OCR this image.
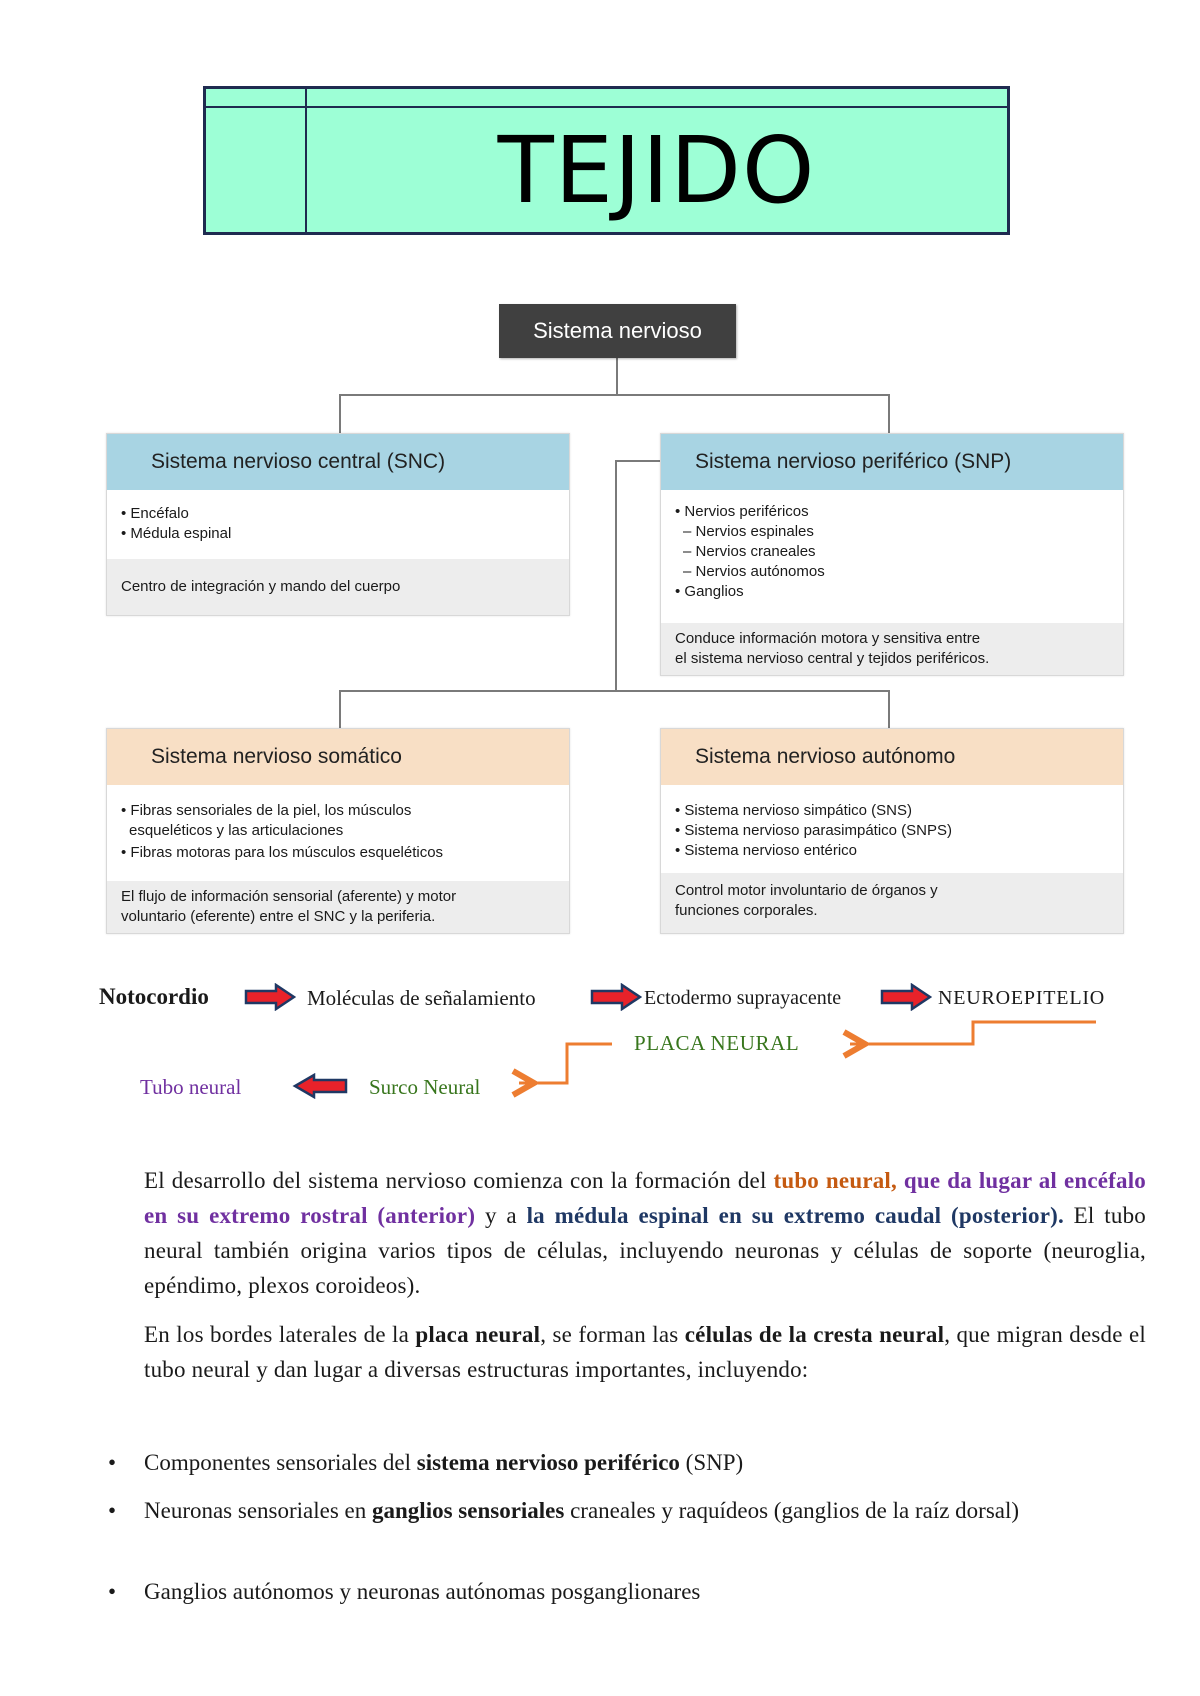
TEJIDO
Sistema nervioso
Sistema nervioso central (SNC)
• Encéfalo
• Médula espinal
Centro de integración y mando del cuerpo
Sistema nervioso periférico (SNP)
• Nervios periféricos
– Nervios espinales
– Nervios craneales
– Nervios autónomos
• Ganglios
Conduce información motora y sensitiva entre
el sistema nervioso central y tejidos periféricos.
Sistema nervioso somático
• Fibras sensoriales de la piel, los músculos
esqueléticos y las articulaciones
• Fibras motoras para los músculos esqueléticos
El flujo de información sensorial (aferente) y motor
voluntario (eferente) entre el SNC y la periferia.
Sistema nervioso autónomo
• Sistema nervioso simpático (SNS)
• Sistema nervioso parasimpático (SNPS)
• Sistema nervioso entérico
Control motor involuntario de órganos y
funciones corporales.
Notocordio	Moléculas de señalamiento	Ectodermo suprayacente	NEUROEPITELIO
PLACA NEURAL
Surco Neural
Tubo neural
El desarrollo del sistema nervioso comienza con la formación del tubo neural, que da lugar al encéfalo en su extremo rostral (anterior) y a la médula espinal en su extremo caudal (posterior). El tubo neural también origina varios tipos de células, incluyendo neuronas y células de soporte (neuroglia, epéndimo, plexos coroideos).
En los bordes laterales de la placa neural, se forman las células de la cresta neural, que migran desde el tubo neural y dan lugar a diversas estructuras importantes, incluyendo:
• Componentes sensoriales del sistema nervioso periférico (SNP)
• Neuronas sensoriales en ganglios sensoriales craneales y raquídeos (ganglios de la raíz dorsal)
• Ganglios autónomos y neuronas autónomas posganglionares
